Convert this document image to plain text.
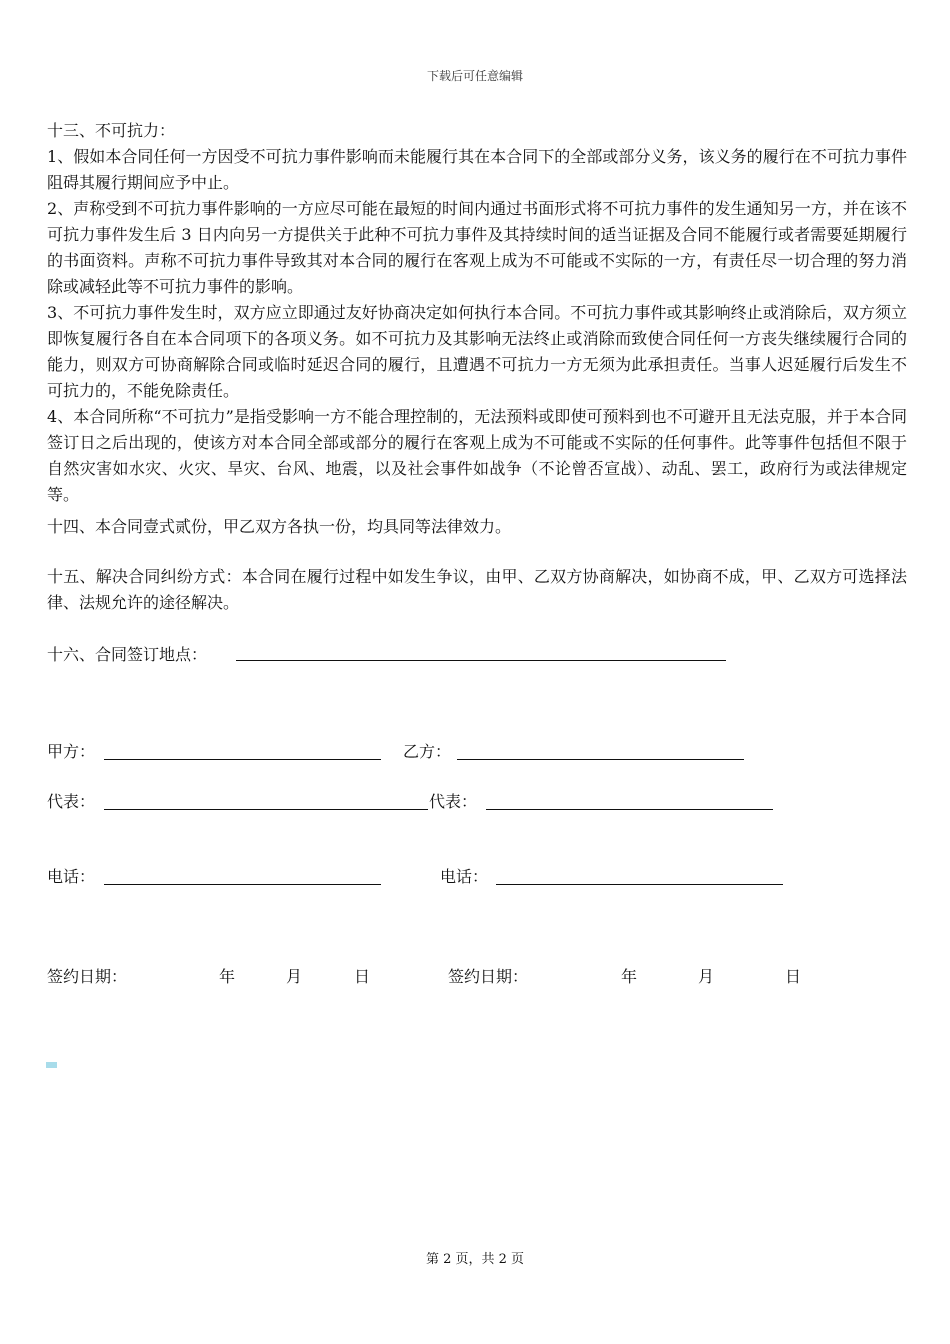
下载后可任意编辑

十三、不可抗力：

1、假如本合同任何一方因受不可抗力事件影响而未能履行其在本合同下的全部或部分义务，该义务的履行在不可抗力事件阻碍其履行期间应予中止。

2、声称受到不可抗力事件影响的一方应尽可能在最短的时间内通过书面形式将不可抗力事件的发生通知另一方，并在该不可抗力事件发生后 3 日内向另一方提供关于此种不可抗力事件及其持续时间的适当证据及合同不能履行或者需要延期履行的书面资料。声称不可抗力事件导致其对本合同的履行在客观上成为不可能或不实际的一方，有责任尽一切合理的努力消除或减轻此等不可抗力事件的影响。

3、不可抗力事件发生时，双方应立即通过友好协商决定如何执行本合同。不可抗力事件或其影响终止或消除后，双方须立即恢复履行各自在本合同项下的各项义务。如不可抗力及其影响无法终止或消除而致使合同任何一方丧失继续履行合同的能力，则双方可协商解除合同或临时延迟合同的履行，且遭遇不可抗力一方无须为此承担责任。当事人迟延履行后发生不可抗力的，不能免除责任。

4、本合同所称“不可抗力”是指受影响一方不能合理控制的，无法预料或即使可预料到也不可避开且无法克服，并于本合同签订日之后出现的，使该方对本合同全部或部分的履行在客观上成为不可能或不实际的任何事件。此等事件包括但不限于自然灾害如水灾、火灾、旱灾、台风、地震，以及社会事件如战争（不论曾否宣战）、动乱、罢工，政府行为或法律规定等。

十四、本合同壹式贰份，甲乙双方各执一份，均具同等法律效力。

十五、解决合同纠纷方式：本合同在履行过程中如发生争议，由甲、乙双方协商解决，如协商不成，甲、乙双方可选择法律、法规允许的途径解决。

十六、合同签订地点：
甲方：	乙方：
代表：	代表：
电话：	电话：
签约日期：	年	月	日	签约日期：	年	月	日
第 2 页，共 2 页
